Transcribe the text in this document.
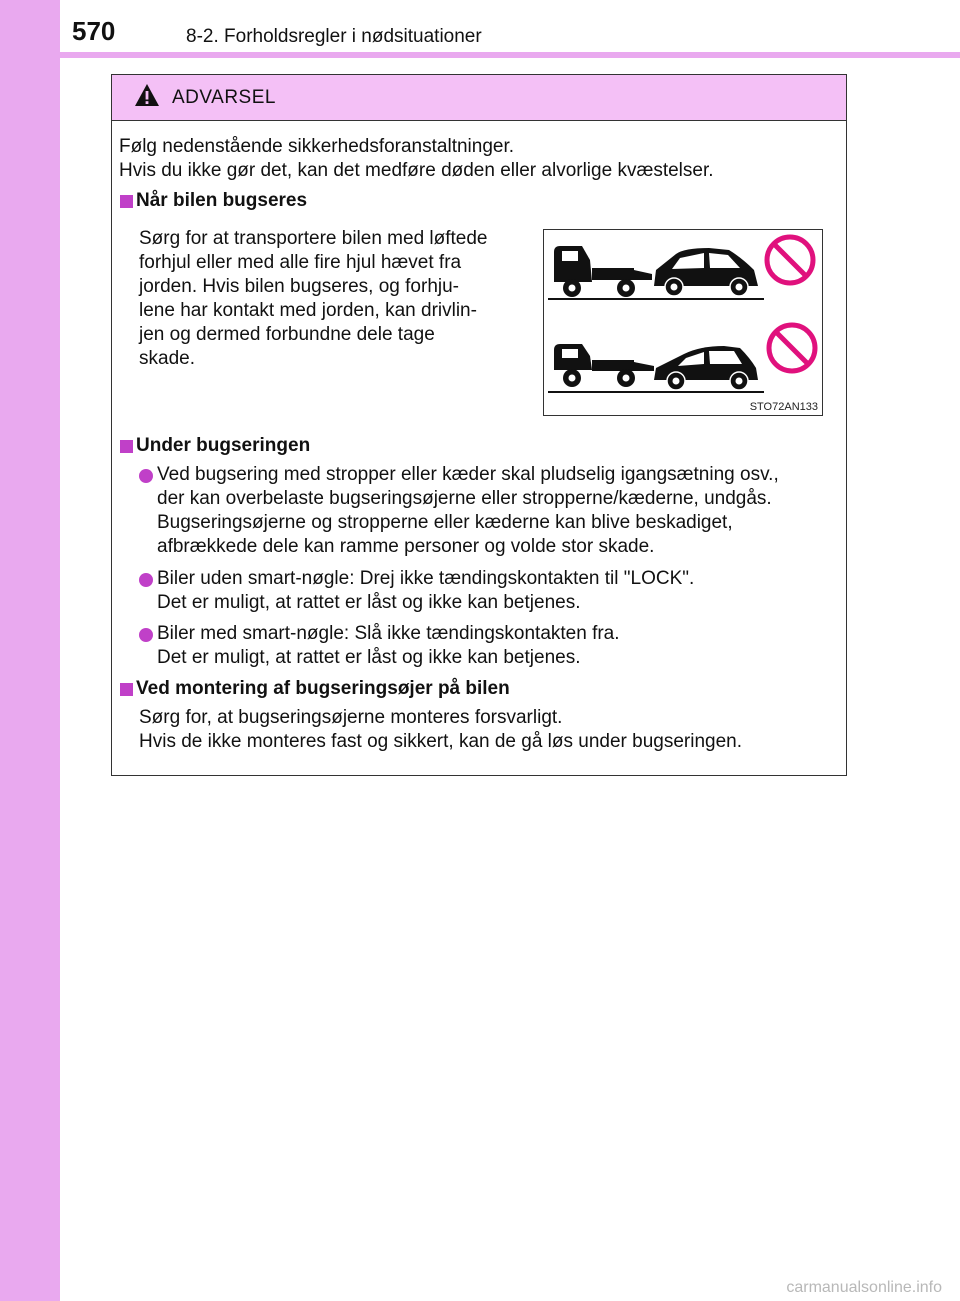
570	8-2. Forholdsregler i nødsituationer
ADVARSEL
Følg nedenstående sikkerhedsforanstaltninger.
Hvis du ikke gør det, kan det medføre døden eller alvorlige kvæstelser.
Når bilen bugseres
Sørg for at transportere bilen med løftede
forhjul eller med alle fire hjul hævet fra
jorden. Hvis bilen bugseres, og forhju-
lene har kontakt med jorden, kan drivlin-
jen og dermed forbundne dele tage
skade.
Under bugseringen
Ved bugsering med stropper eller kæder skal pludselig igangsætning osv.,
der kan overbelaste bugseringsøjerne eller stropperne/kæderne, undgås.
Bugseringsøjerne og stropperne eller kæderne kan blive beskadiget,
afbrækkede dele kan ramme personer og volde stor skade.
Biler uden smart-nøgle: Drej ikke tændingskontakten til "LOCK".
Det er muligt, at rattet er låst og ikke kan betjenes.
Biler med smart-nøgle: Slå ikke tændingskontakten fra.
Det er muligt, at rattet er låst og ikke kan betjenes.
Ved montering af bugseringsøjer på bilen
Sørg for, at bugseringsøjerne monteres forsvarligt.
Hvis de ikke monteres fast og sikkert, kan de gå løs under bugseringen.
STO72AN133
carmanualsonline.info
